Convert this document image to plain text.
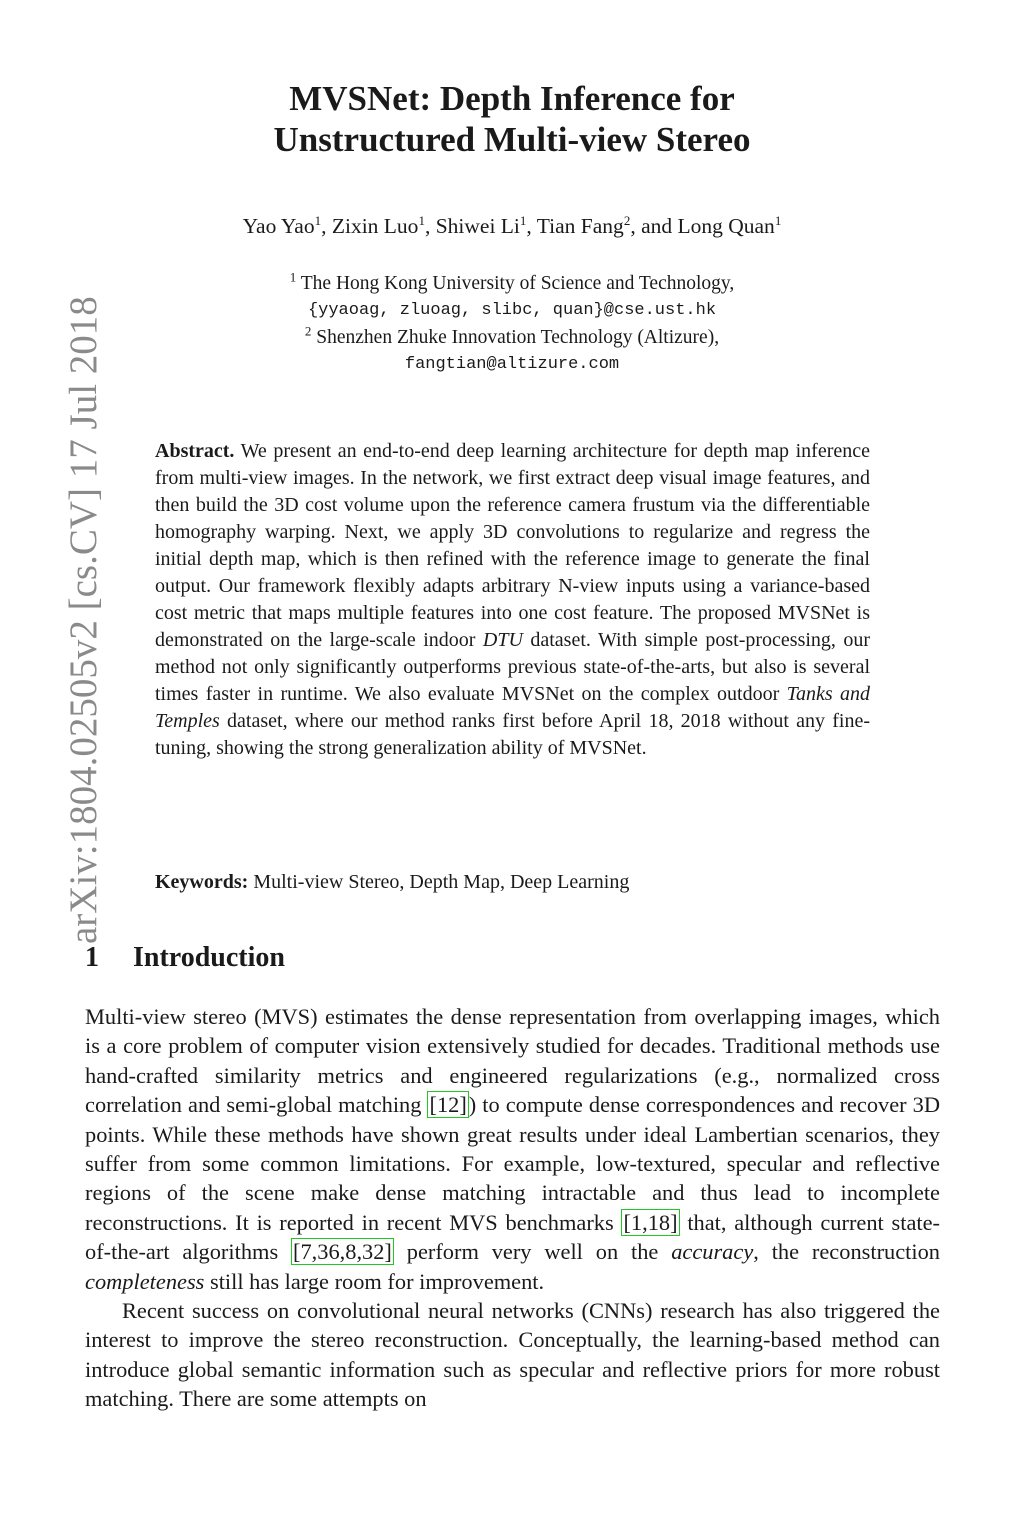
arXiv:1804.02505v2 [cs.CV] 17 Jul 2018
MVSNet: Depth Inference for
Unstructured Multi-view Stereo
Yao Yao$^1$, Zixin Luo$^1$, Shiwei Li$^1$, Tian Fang$^2$, and Long Quan$^1$
$^1$ The Hong Kong University of Science and Technology,
{yyaoag, zluoag, slibc, quan}@cse.ust.hk
$^2$ Shenzhen Zhuke Innovation Technology (Altizure),
fangtian@altizure.com
Abstract. We present an end-to-end deep learning architecture for depth map inference from multi-view images. In the network, we first extract deep visual image features, and then build the 3D cost volume upon the reference camera frustum via the differentiable homography warping. Next, we apply 3D convolutions to regularize and regress the initial depth map, which is then refined with the reference image to generate the final output. Our framework flexibly adapts arbitrary N-view inputs using a variance-based cost metric that maps multiple features into one cost feature. The proposed MVSNet is demonstrated on the large-scale indoor DTU dataset. With simple post-processing, our method not only significantly outperforms previous state-of-the-arts, but also is several times faster in runtime. We also evaluate MVSNet on the complex outdoor Tanks and Temples dataset, where our method ranks first before April 18, 2018 without any fine-tuning, showing the strong generalization ability of MVSNet.
Keywords: Multi-view Stereo, Depth Map, Deep Learning
1 Introduction

Multi-view stereo (MVS) estimates the dense representation from overlapping images, which is a core problem of computer vision extensively studied for decades. Traditional methods use hand-crafted similarity metrics and engineered regularizations (e.g., normalized cross correlation and semi-global matching [12]) to compute dense correspondences and recover 3D points. While these methods have shown great results under ideal Lambertian scenarios, they suffer from some common limitations. For example, low-textured, specular and reflective regions of the scene make dense matching intractable and thus lead to incomplete reconstructions. It is reported in recent MVS benchmarks [1,18] that, although current state-of-the-art algorithms [7,36,8,32] perform very well on the accuracy, the reconstruction completeness still has large room for improvement.

Recent success on convolutional neural networks (CNNs) research has also triggered the interest to improve the stereo reconstruction. Conceptually, the learning-based method can introduce global semantic information such as specular and reflective priors for more robust matching. There are some attempts on
